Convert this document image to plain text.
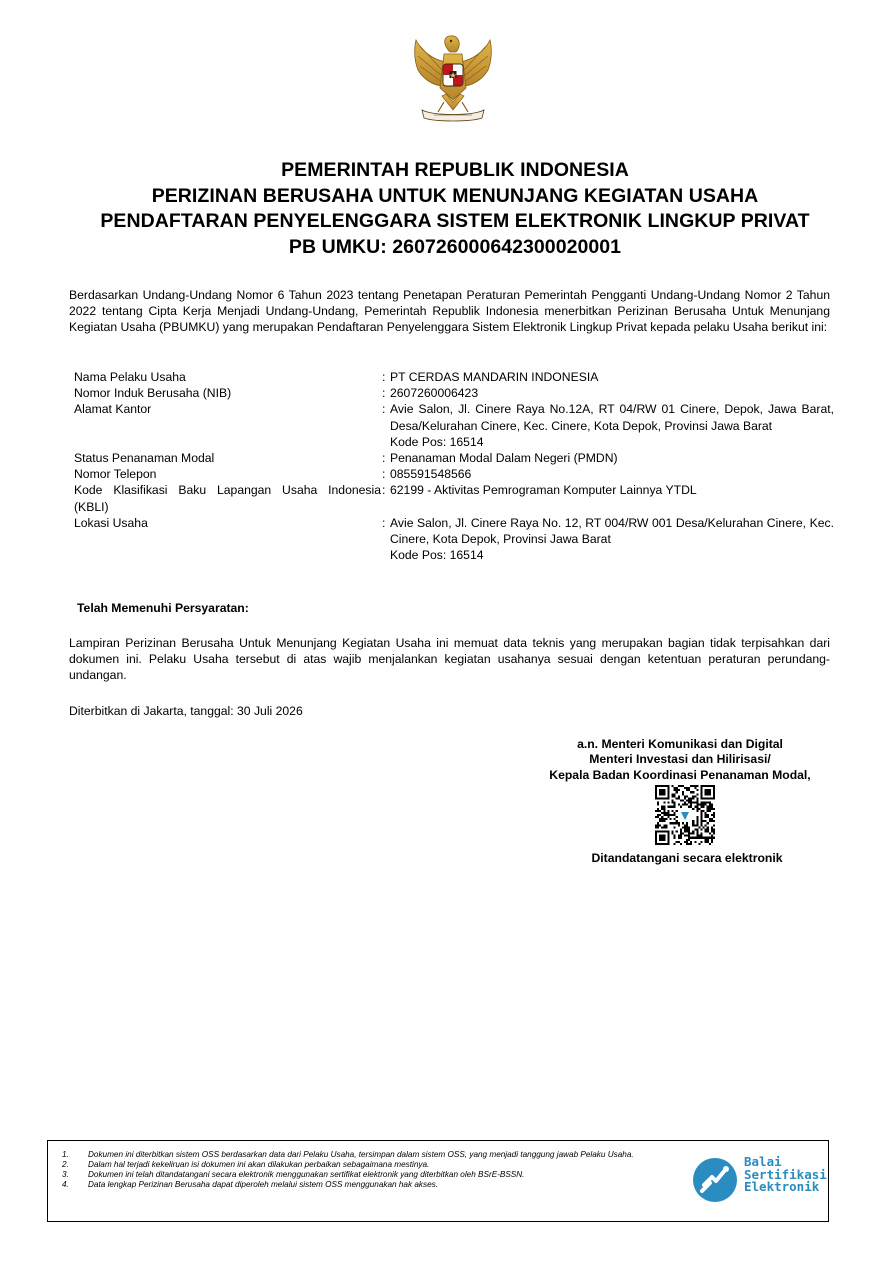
PEMERINTAH REPUBLIK INDONESIA
PERIZINAN BERUSAHA UNTUK MENUNJANG KEGIATAN USAHA
PENDAFTARAN PENYELENGGARA SISTEM ELEKTRONIK LINGKUP PRIVAT
PB UMKU: 260726000642300020001
Berdasarkan Undang-Undang Nomor 6 Tahun 2023 tentang Penetapan Peraturan Pemerintah Pengganti Undang-Undang Nomor 2 Tahun 2022 tentang Cipta Kerja Menjadi Undang-Undang, Pemerintah Republik Indonesia menerbitkan Perizinan Berusaha Untuk Menunjang Kegiatan Usaha (PBUMKU) yang merupakan Pendaftaran Penyelenggara Sistem Elektronik Lingkup Privat kepada pelaku Usaha berikut ini:
Nama Pelaku Usaha	:	PT CERDAS MANDARIN INDONESIA
Nomor Induk Berusaha (NIB)	:	2607260006423
Alamat Kantor	:	Avie Salon, Jl. Cinere Raya No.12A, RT 04/RW 01 Cinere, Depok, Jawa Barat, Desa/Kelurahan Cinere, Kec. Cinere, Kota Depok, Provinsi Jawa Barat
Kode Pos: 16514

Status Penanaman Modal	:	Penanaman Modal Dalam Negeri (PMDN)
Nomor Telepon	:	085591548566
Kode Klasifikasi Baku Lapangan Usaha Indonesia	:	62199 - Aktivitas Pemrograman Komputer Lainnya YTDL
(KBLI)		
Lokasi Usaha	:	Avie Salon, Jl. Cinere Raya No. 12, RT 004/RW 001 Desa/Kelurahan Cinere, Kec. Cinere, Kota Depok, Provinsi Jawa Barat
Kode Pos: 16514
Telah Memenuhi Persyaratan:
Lampiran Perizinan Berusaha Untuk Menunjang Kegiatan Usaha ini memuat data teknis yang merupakan bagian tidak terpisahkan dari dokumen ini. Pelaku Usaha tersebut di atas wajib menjalankan kegiatan usahanya sesuai dengan ketentuan peraturan perundang-undangan.
Diterbitkan di Jakarta, tanggal: 30 Juli 2026
a.n. Menteri Komunikasi dan Digital
Menteri Investasi dan Hilirisasi/
Kepala Badan Koordinasi Penanaman Modal,
Ditandatangani secara elektronik
1. Dokumen ini diterbitkan sistem OSS berdasarkan data dari Pelaku Usaha, tersimpan dalam sistem OSS, yang menjadi tanggung jawab Pelaku Usaha.
2. Dalam hal terjadi kekeliruan isi dokumen ini akan dilakukan perbaikan sebagaimana mestinya.
3. Dokumen ini telah ditandatangani secara elektronik menggunakan sertifikat elektronik yang diterbitkan oleh BSrE-BSSN.
4. Data lengkap Perizinan Berusaha dapat diperoleh melalui sistem OSS menggunakan hak akses.
Balai
Sertifikasi
Elektronik
